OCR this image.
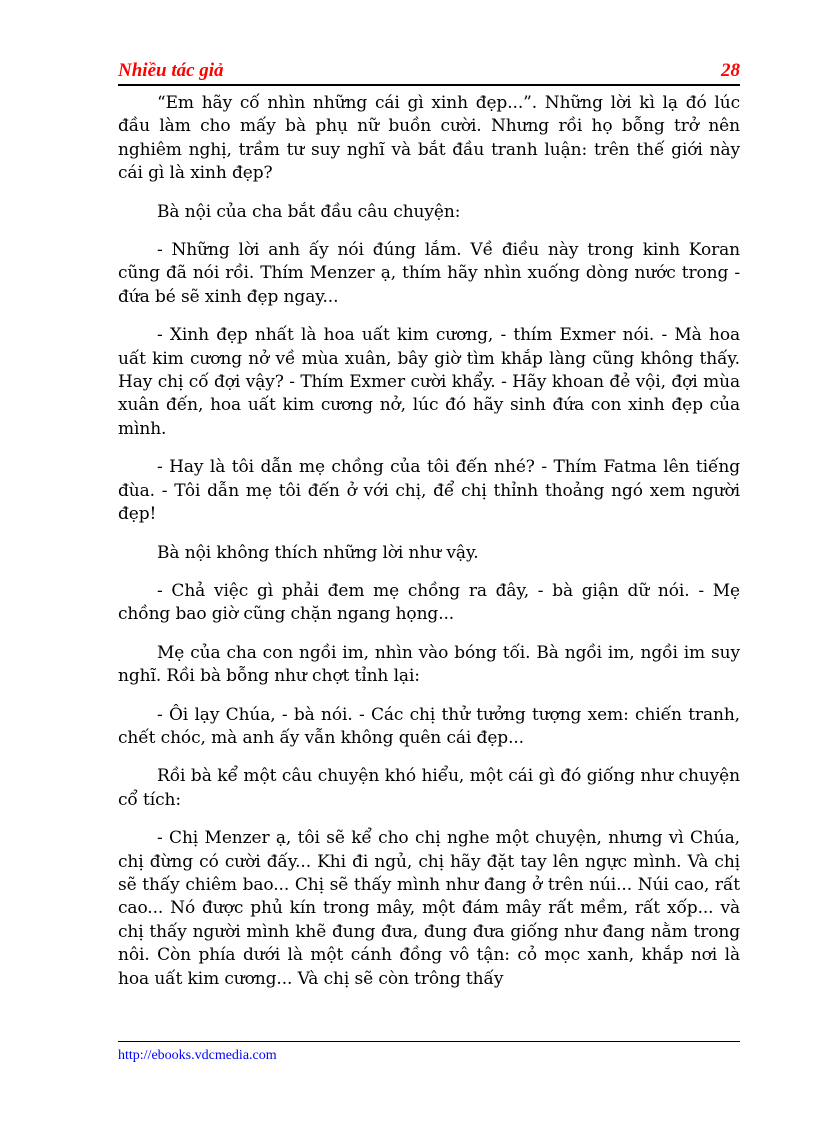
Nhiều tác giả	28

“Em hãy cố nhìn những cái gì xinh đẹp...”. Những lời kì lạ đó lúc đầu làm cho mấy bà phụ nữ buồn cười. Nhưng rồi họ bỗng trở nên nghiêm nghị, trầm tư suy nghĩ và bắt đầu tranh luận: trên thế giới này cái gì là xinh đẹp?

Bà nội của cha bắt đầu câu chuyện:

- Những lời anh ấy nói đúng lắm. Về điều này trong kinh Koran cũng đã nói rồi. Thím Menzer ạ, thím hãy nhìn xuống dòng nước trong - đứa bé sẽ xinh đẹp ngay...

- Xinh đẹp nhất là hoa uất kim cương, - thím Exmer nói. - Mà hoa uất kim cương nở về mùa xuân, bây giờ tìm khắp làng cũng không thấy. Hay chị cố đợi vậy? - Thím Exmer cười khẩy. - Hãy khoan đẻ vội, đợi mùa xuân đến, hoa uất kim cương nở, lúc đó hãy sinh đứa con xinh đẹp của mình.

- Hay là tôi dẫn mẹ chồng của tôi đến nhé? - Thím Fatma lên tiếng đùa. - Tôi dẫn mẹ tôi đến ở với chị, để chị thỉnh thoảng ngó xem người đẹp!

Bà nội không thích những lời như vậy.

- Chả việc gì phải đem mẹ chồng ra đây, - bà giận dữ nói. - Mẹ chồng bao giờ cũng chặn ngang họng...

Mẹ của cha con ngồi im, nhìn vào bóng tối. Bà ngồi im, ngồi im suy nghĩ. Rồi bà bỗng như chợt tỉnh lại:

- Ôi lạy Chúa, - bà nói. - Các chị thử tưởng tượng xem: chiến tranh, chết chóc, mà anh ấy vẫn không quên cái đẹp...

Rồi bà kể một câu chuyện khó hiểu, một cái gì đó giống như chuyện cổ tích:

- Chị Menzer ạ, tôi sẽ kể cho chị nghe một chuyện, nhưng vì Chúa, chị đừng có cười đấy... Khi đi ngủ, chị hãy đặt tay lên ngực mình. Và chị sẽ thấy chiêm bao... Chị sẽ thấy mình như đang ở trên núi... Núi cao, rất cao... Nó được phủ kín trong mây, một đám mây rất mềm, rất xốp... và chị thấy người mình khẽ đung đưa, đung đưa giống như đang nằm trong nôi. Còn phía dưới là một cánh đồng vô tận: cỏ mọc xanh, khắp nơi là hoa uất kim cương... Và chị sẽ còn trông thấy

http://ebooks.vdcmedia.com
